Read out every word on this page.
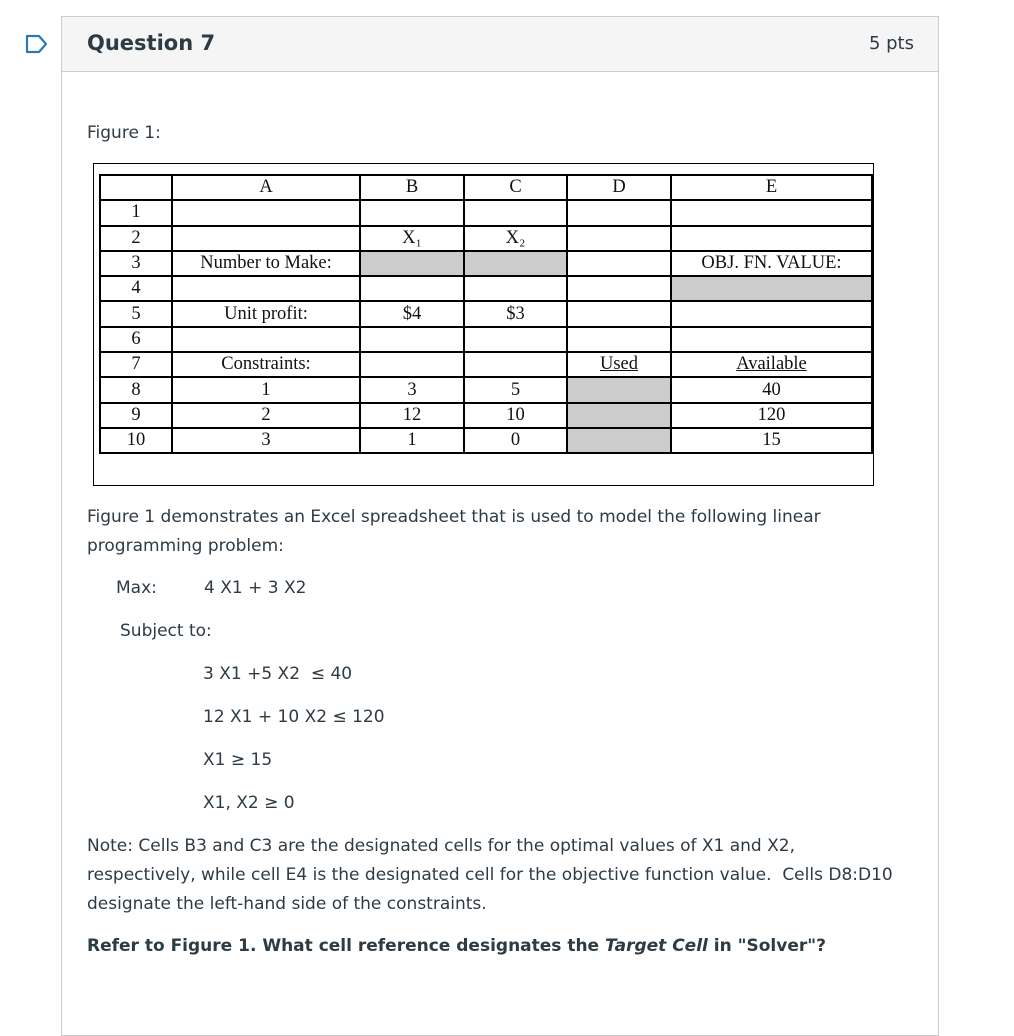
Question 7	5 pts
Figure 1:
	A	B	C	D	E
1					
2		X₁	X₂		
3	Number to Make:				OBJ. FN. VALUE:
4					
5	Unit profit:	$4	$3		
6					
7	Constraints:			Used	Available
8	1	3	5		40
9	2	12	10		120
10	3	1	0		15
Figure 1 demonstrates an Excel spreadsheet that is used to model the following linear programming problem:
Max:	4 X1 + 3 X2
Subject to:
3 X1 +5 X2  ≤ 40
12 X1 + 10 X2 ≤ 120
X1 ≥ 15
X1, X2 ≥ 0
Note: Cells B3 and C3 are the designated cells for the optimal values of X1 and X2, respectively, while cell E4 is the designated cell for the objective function value.  Cells D8:D10 designate the left-hand side of the constraints.
Refer to Figure 1. What cell reference designates the Target Cell in "Solver"?
